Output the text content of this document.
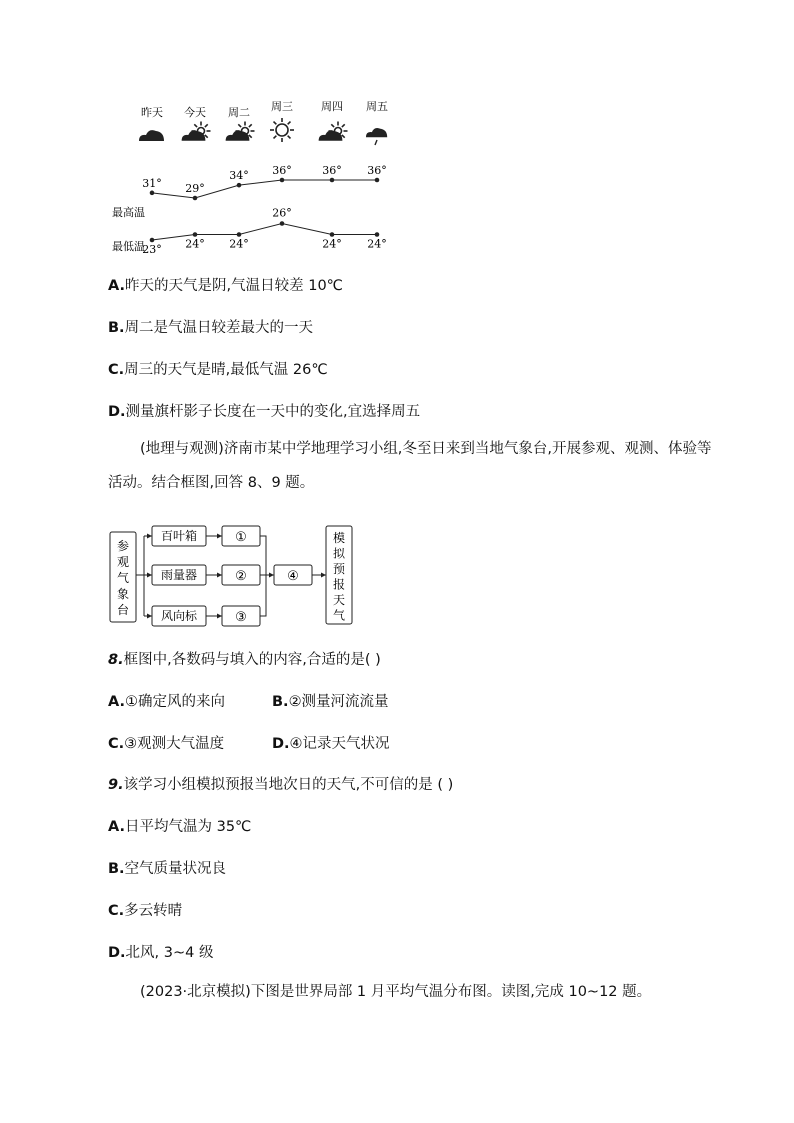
昨天 今天 周二 周三	周四 周五
最高温
最低温
31° 29°
34° 36°	36° 36°
23° 24° 24°
26°
24° 24°
A.昨天的天气是阴,气温日较差 10℃
B.周二是气温日较差最大的一天
C.周三的天气是晴,最低气温 26℃
D.测量旗杆影子长度在一天中的变化,宜选择周五
(地理与观测)济南市某中学地理学习小组,冬至日来到当地气象台,开展参观、观测、体验等活动。结合框图,回答 8、9 题。
参观气象台
模拟预报天气
百叶箱
雨量器
风向标
①
②
③
④
8.框图中,各数码与填入的内容,合适的是( )
A.①确定风的来向	B.②测量河流流量
C.③观测大气温度	D.④记录天气状况
9.该学习小组模拟预报当地次日的天气,不可信的是 ( )
A.日平均气温为 35℃
B.空气质量状况良
C.多云转晴
D.北风, 3~4 级
(2023·北京模拟)下图是世界局部 1 月平均气温分布图。读图,完成 10~12 题。
